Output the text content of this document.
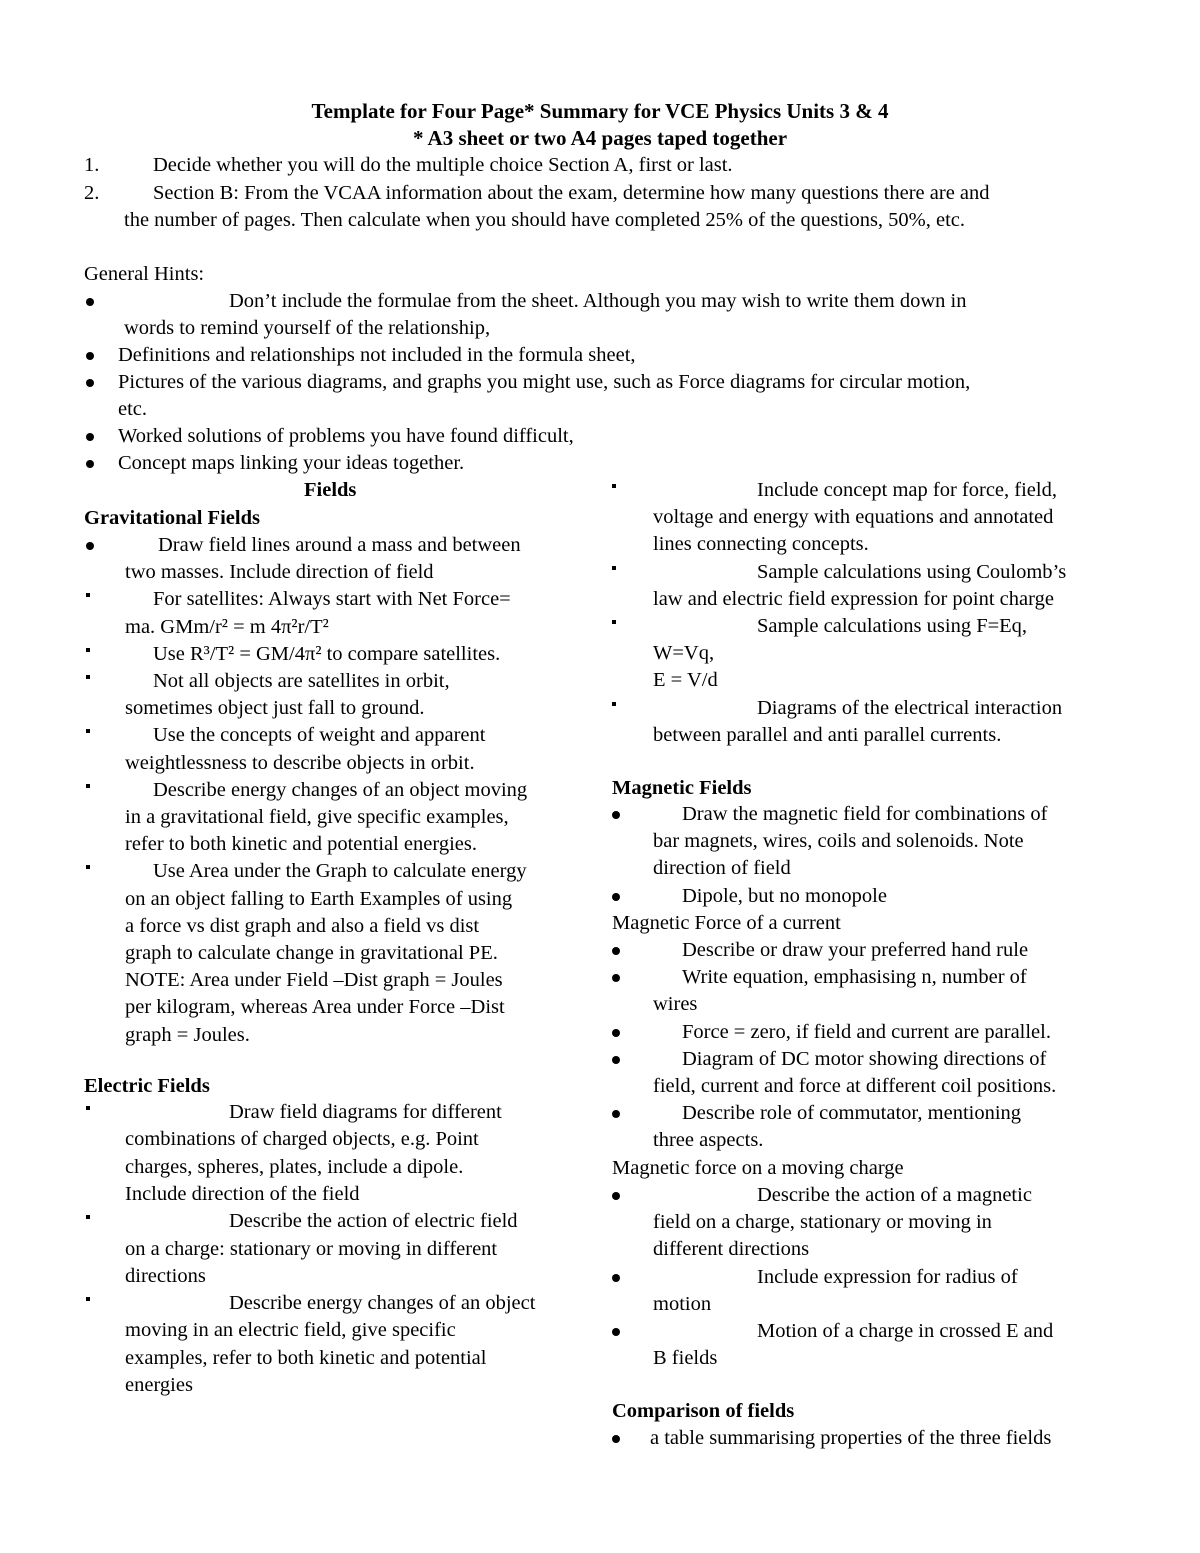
Template for Four Page* Summary for VCE Physics Units 3 & 4
* A3 sheet or two A4 pages taped together
1.	Decide whether you will do the multiple choice Section A, first or last.
2.	Section B: From the VCAA information about the exam, determine how many questions there are and
the number of pages. Then calculate when you should have completed 25% of the questions, 50%, etc.
General Hints:
Don’t include the formulae from the sheet. Although you may wish to write them down in
words to remind yourself of the relationship,
Definitions and relationships not included in the formula sheet,
Pictures of the various diagrams, and graphs you might use, such as Force diagrams for circular motion,
etc.
Worked solutions of problems you have found difficult,
Concept maps linking your ideas together.
Fields
Gravitational Fields
Draw field lines around a mass and between
two masses. Include direction of field
For satellites: Always start with Net Force=
ma. GMm/r² = m 4π²r/T²
Use R³/T² = GM/4π² to compare satellites.
Not all objects are satellites in orbit,
sometimes object just fall to ground.
Use the concepts of weight and apparent
weightlessness to describe objects in orbit.
Describe energy changes of an object moving
in a gravitational field, give specific examples,
refer to both kinetic and potential energies.
Use Area under the Graph to calculate energy
on an object falling to Earth Examples of using
a force vs dist graph and also a field vs dist
graph to calculate change in gravitational PE.
NOTE: Area under Field –Dist graph = Joules
per kilogram, whereas Area under Force –Dist
graph = Joules.
Electric Fields
Draw field diagrams for different
combinations of charged objects, e.g. Point
charges, spheres, plates, include a dipole.
Include direction of the field
Describe the action of electric field
on a charge: stationary or moving in different
directions
Describe energy changes of an object
moving in an electric field, give specific
examples, refer to both kinetic and potential
energies
Include concept map for force, field,
voltage and energy with equations and annotated
lines connecting concepts.
Sample calculations using Coulomb’s
law and electric field expression for point charge
Sample calculations using F=Eq,
W=Vq,
E = V/d
Diagrams of the electrical interaction
between parallel and anti parallel currents.
Magnetic Fields
Draw the magnetic field for combinations of
bar magnets, wires, coils and solenoids. Note
direction of field
Dipole, but no monopole
Magnetic Force of a current
Describe or draw your preferred hand rule
Write equation, emphasising n, number of
wires
Force = zero, if field and current are parallel.
Diagram of DC motor showing directions of
field, current and force at different coil positions.
Describe role of commutator, mentioning
three aspects.
Magnetic force on a moving charge
Describe the action of a magnetic
field on a charge, stationary or moving in
different directions
Include expression for radius of
motion
Motion of a charge in crossed E and
B fields
Comparison of fields
a table summarising properties of the three fields
